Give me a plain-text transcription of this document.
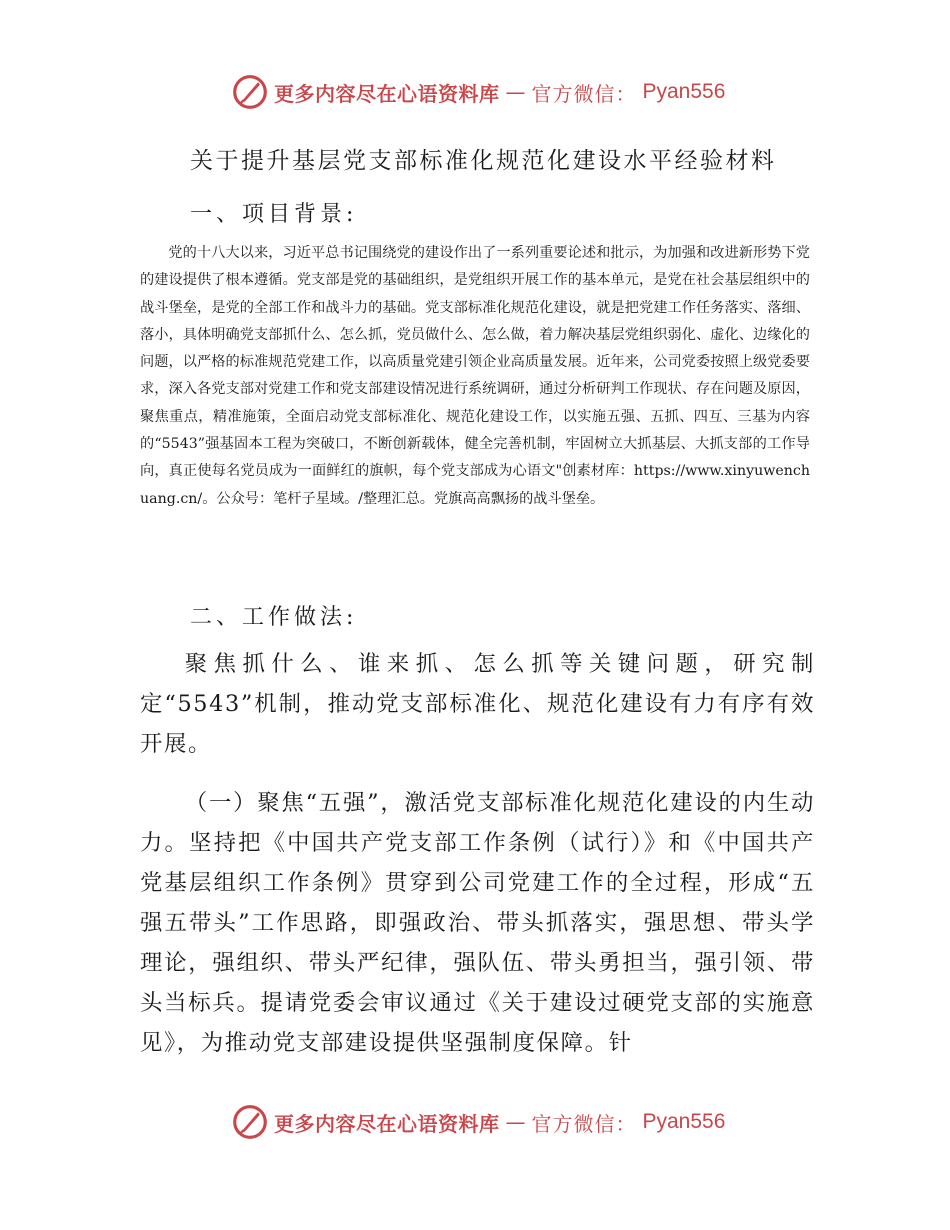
更多内容尽在心语资料库 — 官方微信： Pyan556
关于提升基层党支部标准化规范化建设水平经验材料
一、项目背景:

党的十八大以来，习近平总书记围绕党的建设作出了一系列重要论述和批示，为加强和改进新形势下党的建设提供了根本遵循。党支部是党的基础组织，是党组织开展工作的基本单元，是党在社会基层组织中的战斗堡垒，是党的全部工作和战斗力的基础。党支部标准化规范化建设，就是把党建工作任务落实、落细、落小，具体明确党支部抓什么、怎么抓，党员做什么、怎么做，着力解决基层党组织弱化、虚化、边缘化的问题，以严格的标准规范党建工作，以高质量党建引领企业高质量发展。近年来，公司党委按照上级党委要求，深入各党支部对党建工作和党支部建设情况进行系统调研，通过分析研判工作现状、存在问题及原因，聚焦重点，精准施策，全面启动党支部标准化、规范化建设工作，以实施五强、五抓、四互、三基为内容的“5543”强基固本工程为突破口，不断创新载体，健全完善机制，牢固树立大抓基层、大抓支部的工作导向，真正使每名党员成为一面鲜红的旗帜，每个党支部成为心语文"创素材库：https://www.xinyuwenchuang.cn/。公众号：笔杆子星域。/整理汇总。党旗高高飘扬的战斗堡垒。

二、工作做法:

聚焦抓什么、谁来抓、怎么抓等关键问题，研究制定“5543”机制，推动党支部标准化、规范化建设有力有序有效开展。

（一）聚焦“五强”，激活党支部标准化规范化建设的内生动力。坚持把《中国共产党支部工作条例（试行）》和《中国共产党基层组织工作条例》贯穿到公司党建工作的全过程，形成“五强五带头”工作思路，即强政治、带头抓落实，强思想、带头学理论，强组织、带头严纪律，强队伍、带头勇担当，强引领、带头当标兵。提请党委会审议通过《关于建设过硬党支部的实施意见》，为推动党支部建设提供坚强制度保障。针

更多内容尽在心语资料库 — 官方微信： Pyan556
